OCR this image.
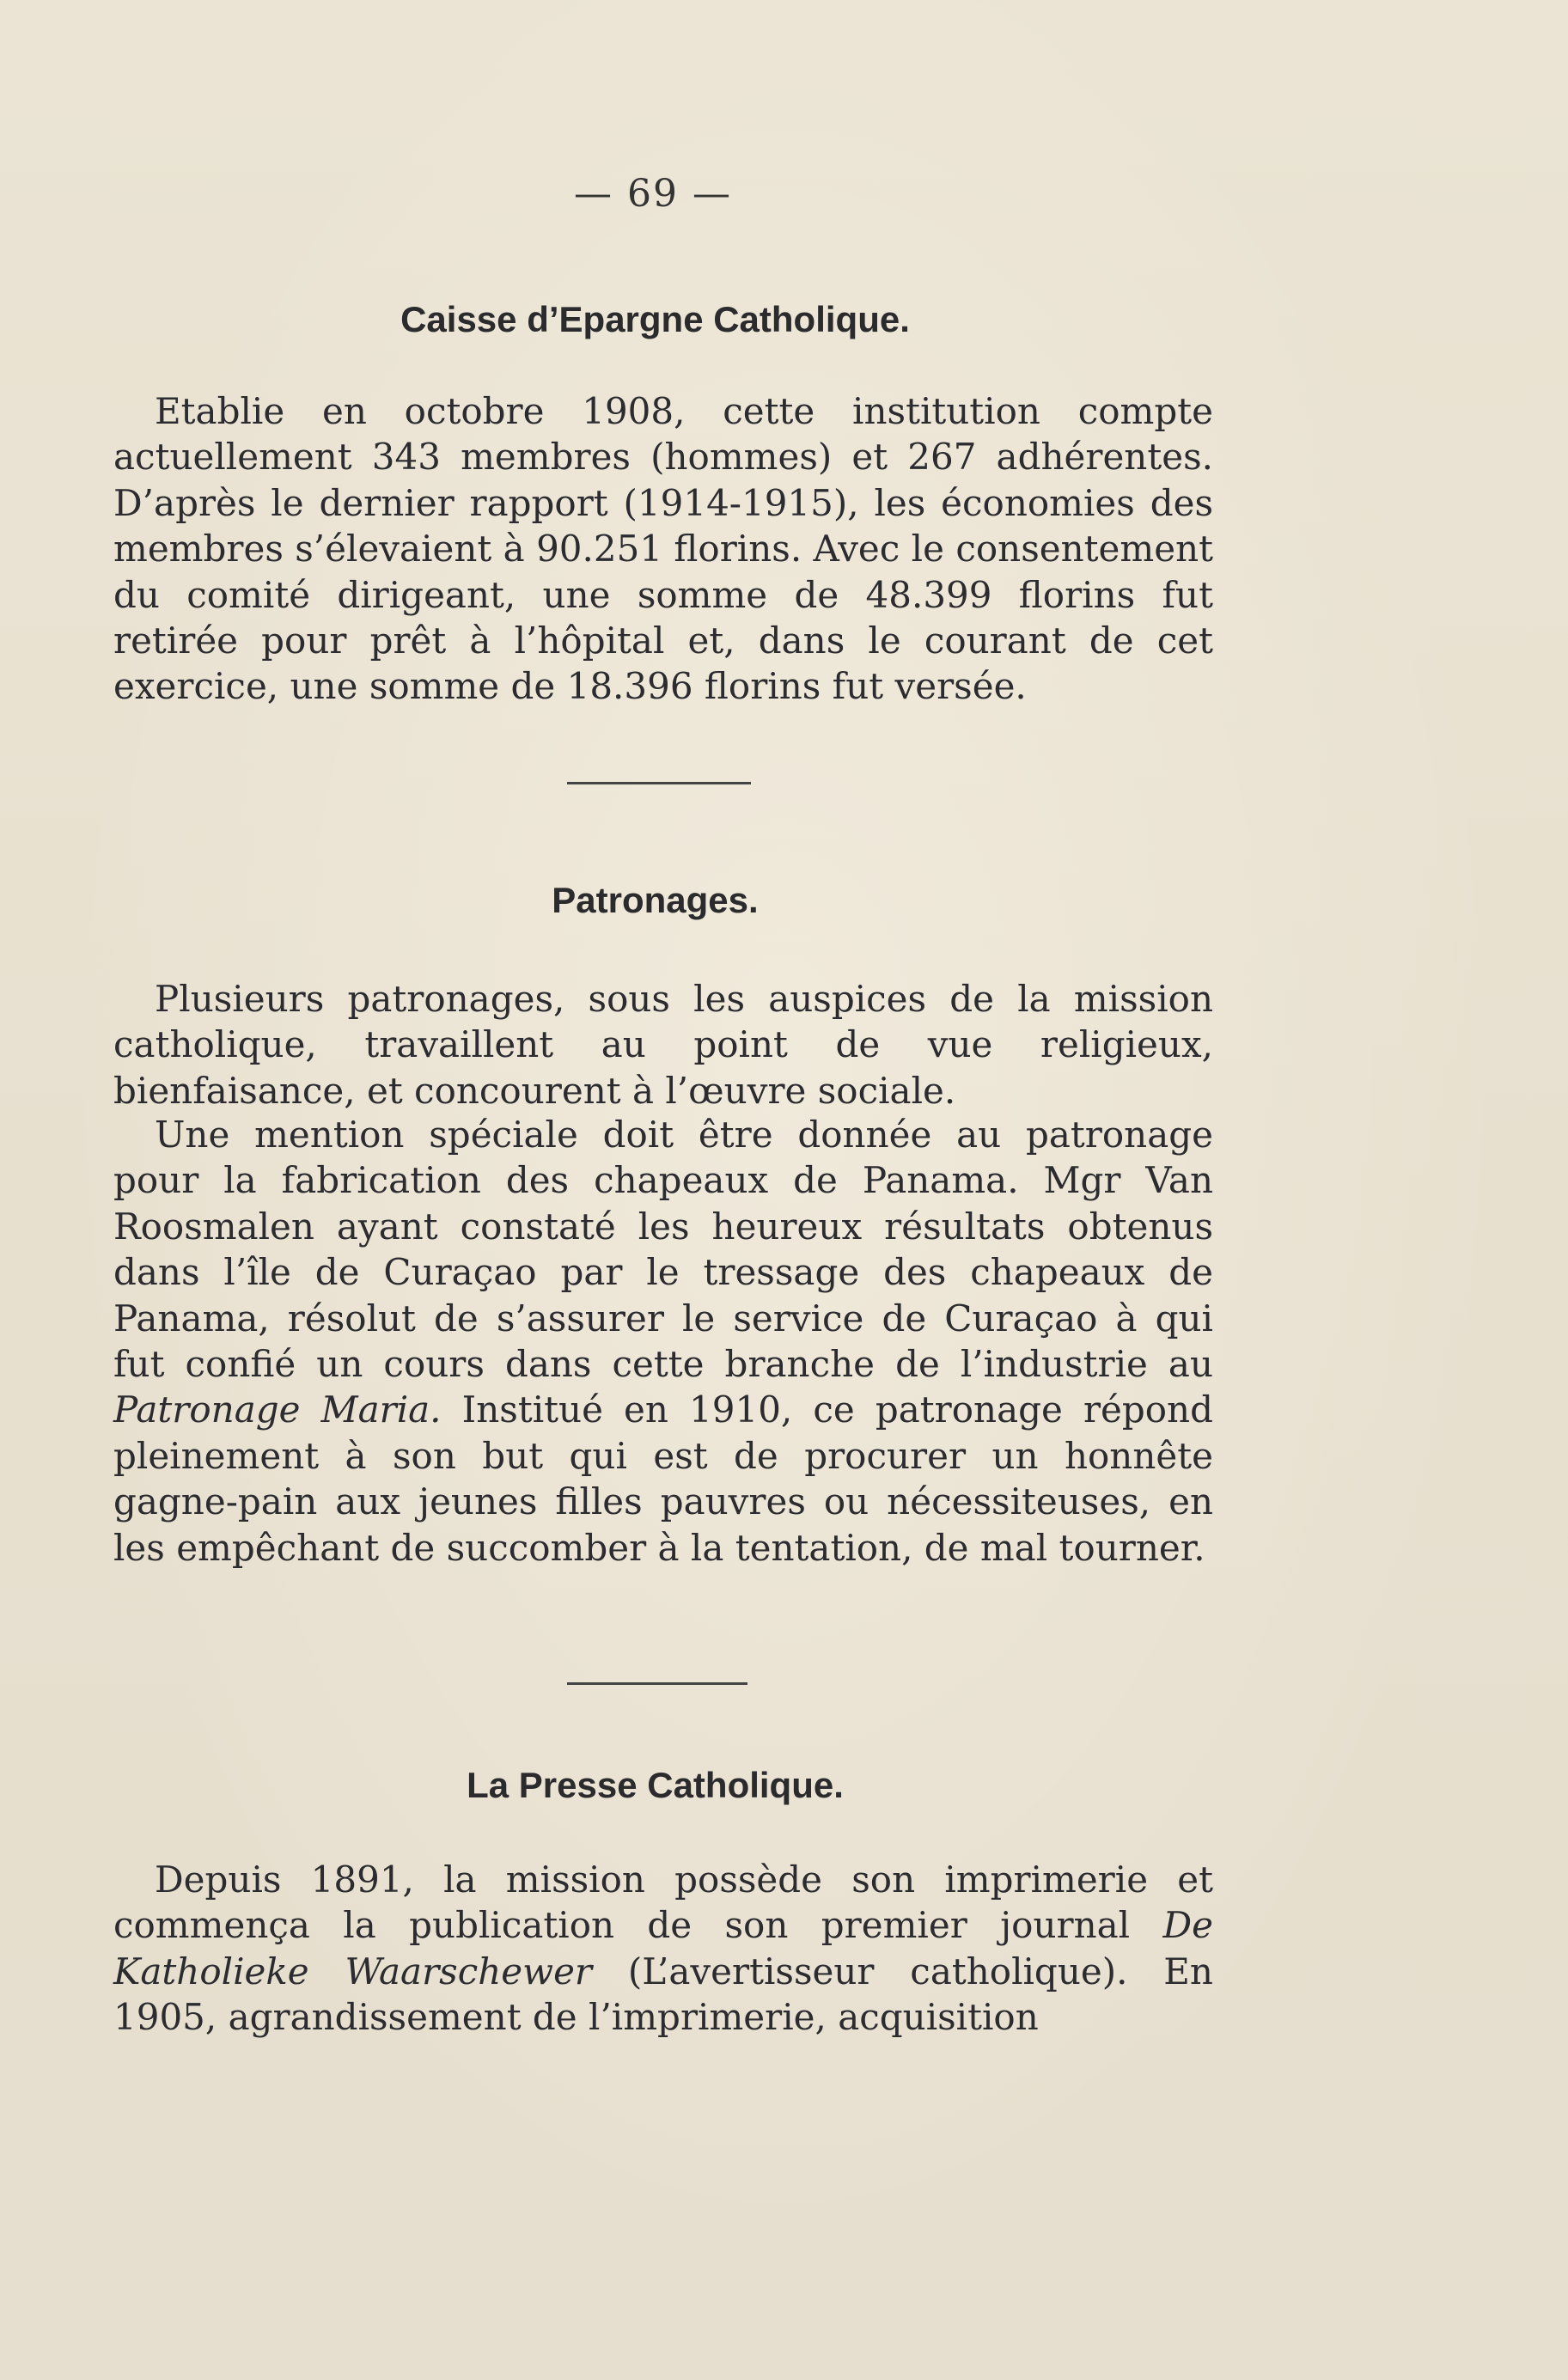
— 69 —
Caisse d’Epargne Catholique.
Etablie en octobre 1908, cette institution compte actuellement 343 membres (hommes) et 267 adhérentes. D’après le dernier rapport (1914-1915), les économies des membres s’élevaient à 90.251 florins. Avec le consentement du comité dirigeant, une somme de 48.399 florins fut retirée pour prêt à l’hôpital et, dans le courant de cet exercice, une somme de 18.396 florins fut versée.
Patronages.
Plusieurs patronages, sous les auspices de la mission catholique, travaillent au point de vue religieux, bienfaisance, et concourent à l’œuvre sociale.
Une mention spéciale doit être donnée au patronage pour la fabrication des chapeaux de Panama. Mgr Van Roosmalen ayant constaté les heureux résultats obtenus dans l’île de Curaçao par le tressage des chapeaux de Panama, résolut de s’assurer le service de Curaçao à qui fut confié un cours dans cette branche de l’industrie au Patronage Maria. Institué en 1910, ce patronage répond pleinement à son but qui est de procurer un honnête gagne-pain aux jeunes filles pauvres ou nécessiteuses, en les empêchant de succomber à la tentation, de mal tourner.
La Presse Catholique.
Depuis 1891, la mission possède son imprimerie et commença la publication de son premier journal De Katholieke Waarschewer (L’avertisseur catholique). En 1905, agrandissement de l’imprimerie, acquisition
